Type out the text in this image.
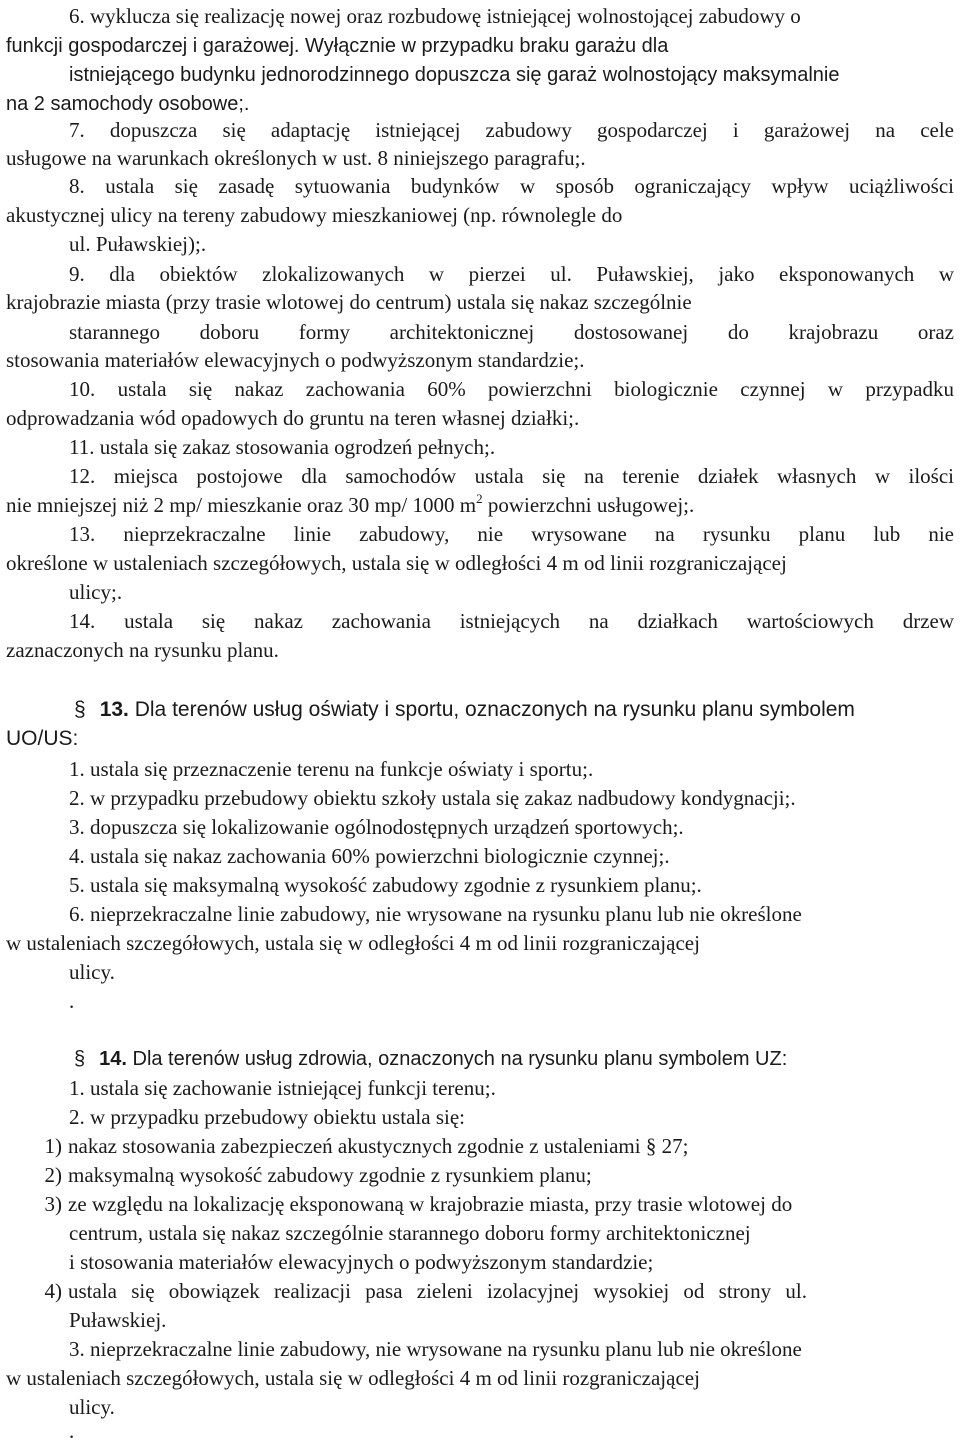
6. wyklucza się realizację nowej oraz rozbudowę istniejącej wolnostojącej zabudowy o
funkcji gospodarczej i garażowej. Wyłącznie w przypadku braku garażu dla
istniejącego budynku jednorodzinnego dopuszcza się garaż wolnostojący maksymalnie
na 2 samochody osobowe;.
7. dopuszcza się adaptację istniejącej zabudowy gospodarczej i garażowej na cele
usługowe na warunkach określonych w ust. 8 niniejszego paragrafu;.
8. ustala się zasadę sytuowania budynków w sposób ograniczający wpływ uciążliwości
akustycznej ulicy na tereny zabudowy mieszkaniowej (np. równolegle do
ul. Puławskiej);.
9. dla obiektów zlokalizowanych w pierzei ul. Puławskiej, jako eksponowanych w
krajobrazie miasta (przy trasie wlotowej do centrum) ustala się nakaz szczególnie
starannego doboru formy architektonicznej dostosowanej do krajobrazu oraz
stosowania materiałów elewacyjnych o podwyższonym standardzie;.
10. ustala się nakaz zachowania 60% powierzchni biologicznie czynnej w przypadku
odprowadzania wód opadowych do gruntu na teren własnej działki;.
11. ustala się zakaz stosowania ogrodzeń pełnych;.
12. miejsca postojowe dla samochodów ustala się na terenie działek własnych w ilości
nie mniejszej niż 2 mp/ mieszkanie oraz 30 mp/ 1000 $m^2$ powierzchni usługowej;.
13. nieprzekraczalne linie zabudowy, nie wrysowane na rysunku planu lub nie
określone w ustaleniach szczegółowych, ustala się w odległości 4 m od linii rozgraniczającej
ulicy;.
14. ustala się nakaz zachowania istniejących na działkach wartościowych drzew
zaznaczonych na rysunku planu.
§ 13. Dla terenów usług oświaty i sportu, oznaczonych na rysunku planu symbolem
UO/US:
1. ustala się przeznaczenie terenu na funkcje oświaty i sportu;.
2. w przypadku przebudowy obiektu szkoły ustala się zakaz nadbudowy kondygnacji;.
3. dopuszcza się lokalizowanie ogólnodostępnych urządzeń sportowych;.
4. ustala się nakaz zachowania 60% powierzchni biologicznie czynnej;.
5. ustala się maksymalną wysokość zabudowy zgodnie z rysunkiem planu;.
6. nieprzekraczalne linie zabudowy, nie wrysowane na rysunku planu lub nie określone
w ustaleniach szczegółowych, ustala się w odległości 4 m od linii rozgraniczającej
ulicy.
.
§ 14. Dla terenów usług zdrowia, oznaczonych na rysunku planu symbolem UZ:
1. ustala się zachowanie istniejącej funkcji terenu;.
2. w przypadku przebudowy obiektu ustala się:
1) nakaz stosowania zabezpieczeń akustycznych zgodnie z ustaleniami § 27;
2) maksymalną wysokość zabudowy zgodnie z rysunkiem planu;
3) ze względu na lokalizację eksponowaną w krajobrazie miasta, przy trasie wlotowej do
centrum, ustala się nakaz szczególnie starannego doboru formy architektonicznej
i stosowania materiałów elewacyjnych o podwyższonym standardzie;
4) ustala się obowiązek realizacji pasa zieleni izolacyjnej wysokiej od strony ul.
Puławskiej.
3. nieprzekraczalne linie zabudowy, nie wrysowane na rysunku planu lub nie określone
w ustaleniach szczegółowych, ustala się w odległości 4 m od linii rozgraniczającej
ulicy.
.
